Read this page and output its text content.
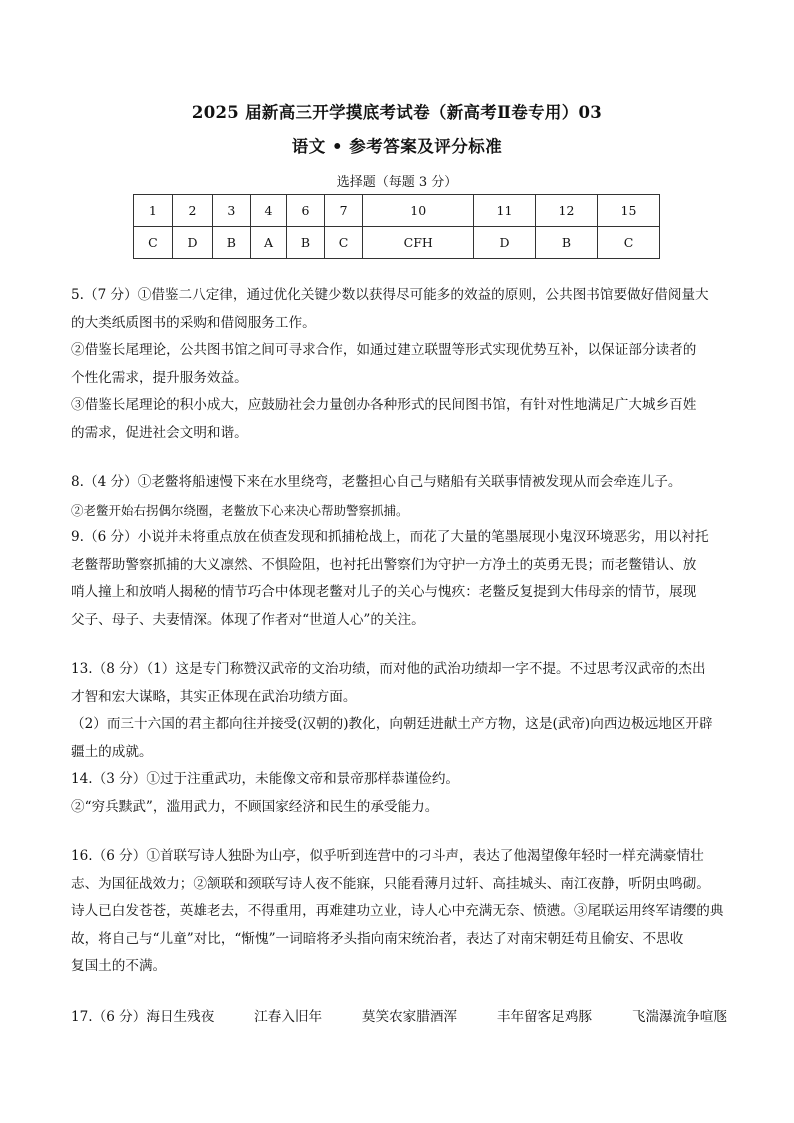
2025 届新高三开学摸底考试卷（新高考Ⅱ卷专用）03
语文 • 参考答案及评分标准
选择题（每题 3 分）
1	2	3	4	6	7	10	11	12	15
C	D	B	A	B	C	CFH	D	B	C

5.（7 分）①借鉴二八定律，通过优化关键少数以获得尽可能多的效益的原则，公共图书馆要做好借阅量大

的大类纸质图书的采购和借阅服务工作。

②借鉴长尾理论，公共图书馆之间可寻求合作，如通过建立联盟等形式实现优势互补，以保证部分读者的

个性化需求，提升服务效益。

③借鉴长尾理论的积小成大，应鼓励社会力量创办各种形式的民间图书馆，有针对性地满足广大城乡百姓

的需求，促进社会文明和谐。

8.（4 分）①老鳖将船速慢下来在水里绕弯，老鳖担心自己与赌船有关联事情被发现从而会牵连儿子。

②老鳖开始右拐偶尔绕圈，老鳖放下心来决心帮助警察抓捕。

9.（6 分）小说并未将重点放在侦查发现和抓捕枪战上，而花了大量的笔墨展现小鬼汊环境恶劣，用以衬托

老鳖帮助警察抓捕的大义凛然、不惧险阻，也衬托出警察们为守护一方净土的英勇无畏；而老鳖错认、放

哨人撞上和放哨人揭秘的情节巧合中体现老鳖对儿子的关心与愧疚：老鳖反复提到大伟母亲的情节，展现

父子、母子、夫妻情深。体现了作者对“世道人心”的关注。

13.（8 分）（1）这是专门称赞汉武帝的文治功绩，而对他的武治功绩却一字不提。不过思考汉武帝的杰出

才智和宏大谋略，其实正体现在武治功绩方面。

（2）而三十六国的君主都向往并接受(汉朝的)教化，向朝廷进献土产方物，这是(武帝)向西边极远地区开辟

疆土的成就。

14.（3 分）①过于注重武功，未能像文帝和景帝那样恭谨俭约。

②“穷兵黩武”，滥用武力，不顾国家经济和民生的承受能力。

16.（6 分）①首联写诗人独卧为山亭，似乎听到连营中的刁斗声，表达了他渴望像年轻时一样充满豪情壮

志、为国征战效力；②颔联和颈联写诗人夜不能寐，只能看薄月过轩、高挂城头、南江夜静，听阴虫鸣砌。

诗人已白发苍苍，英雄老去，不得重用，再难建功立业，诗人心中充满无奈、愤懑。③尾联运用终军请缨的典

故，将自己与“儿童”对比，“惭愧”一词暗将矛头指向南宋统治者，表达了对南宋朝廷苟且偷安、不思收

复国土的不满。

17.（6 分）海日生残夜	江春入旧年	莫笑农家腊酒浑	丰年留客足鸡豚	飞湍瀑流争喧豗
